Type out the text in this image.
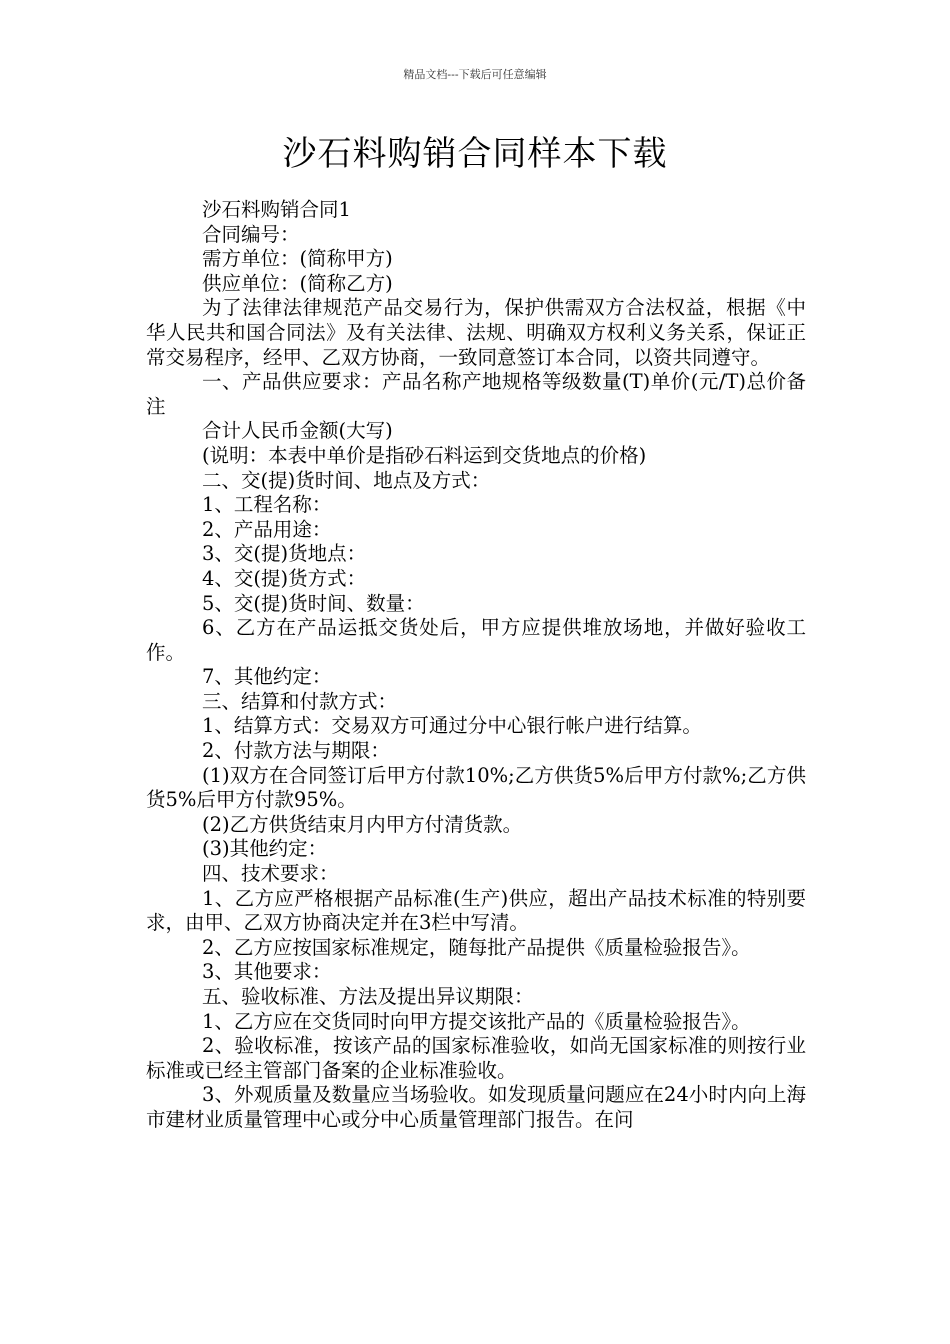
精品文档---下载后可任意编辑
沙石料购销合同样本下载

沙石料购销合同1

合同编号：

需方单位：(简称甲方)

供应单位：(简称乙方)

为了法律法律规范产品交易行为，保护供需双方合法权益，根据《中华人民共和国合同法》及有关法律、法规、明确双方权利义务关系，保证正常交易程序，经甲、乙双方协商，一致同意签订本合同，以资共同遵守。

一、产品供应要求：产品名称产地规格等级数量(T)单价(元/T)总价备注

合计人民币金额(大写)

(说明：本表中单价是指砂石料运到交货地点的价格)

二、交(提)货时间、地点及方式：

1、工程名称：

2、产品用途：

3、交(提)货地点：

4、交(提)货方式：

5、交(提)货时间、数量：

6、乙方在产品运抵交货处后，甲方应提供堆放场地，并做好验收工作。

7、其他约定：

三、结算和付款方式：

1、结算方式：交易双方可通过分中心银行帐户进行结算。

2、付款方法与期限：

(1)双方在合同签订后甲方付款10%;乙方供货5%后甲方付款%;乙方供货5%后甲方付款95%。

(2)乙方供货结束月内甲方付清货款。

(3)其他约定：

四、技术要求：

1、乙方应严格根据产品标准(生产)供应，超出产品技术标准的特别要求，由甲、乙双方协商决定并在3栏中写清。

2、乙方应按国家标准规定，随每批产品提供《质量检验报告》。

3、其他要求：

五、验收标准、方法及提出异议期限：

1、乙方应在交货同时向甲方提交该批产品的《质量检验报告》。

2、验收标准，按该产品的国家标准验收，如尚无国家标准的则按行业标准或已经主管部门备案的企业标准验收。

3、外观质量及数量应当场验收。如发现质量问题应在24小时内向上海市建材业质量管理中心或分中心质量管理部门报告。在问
